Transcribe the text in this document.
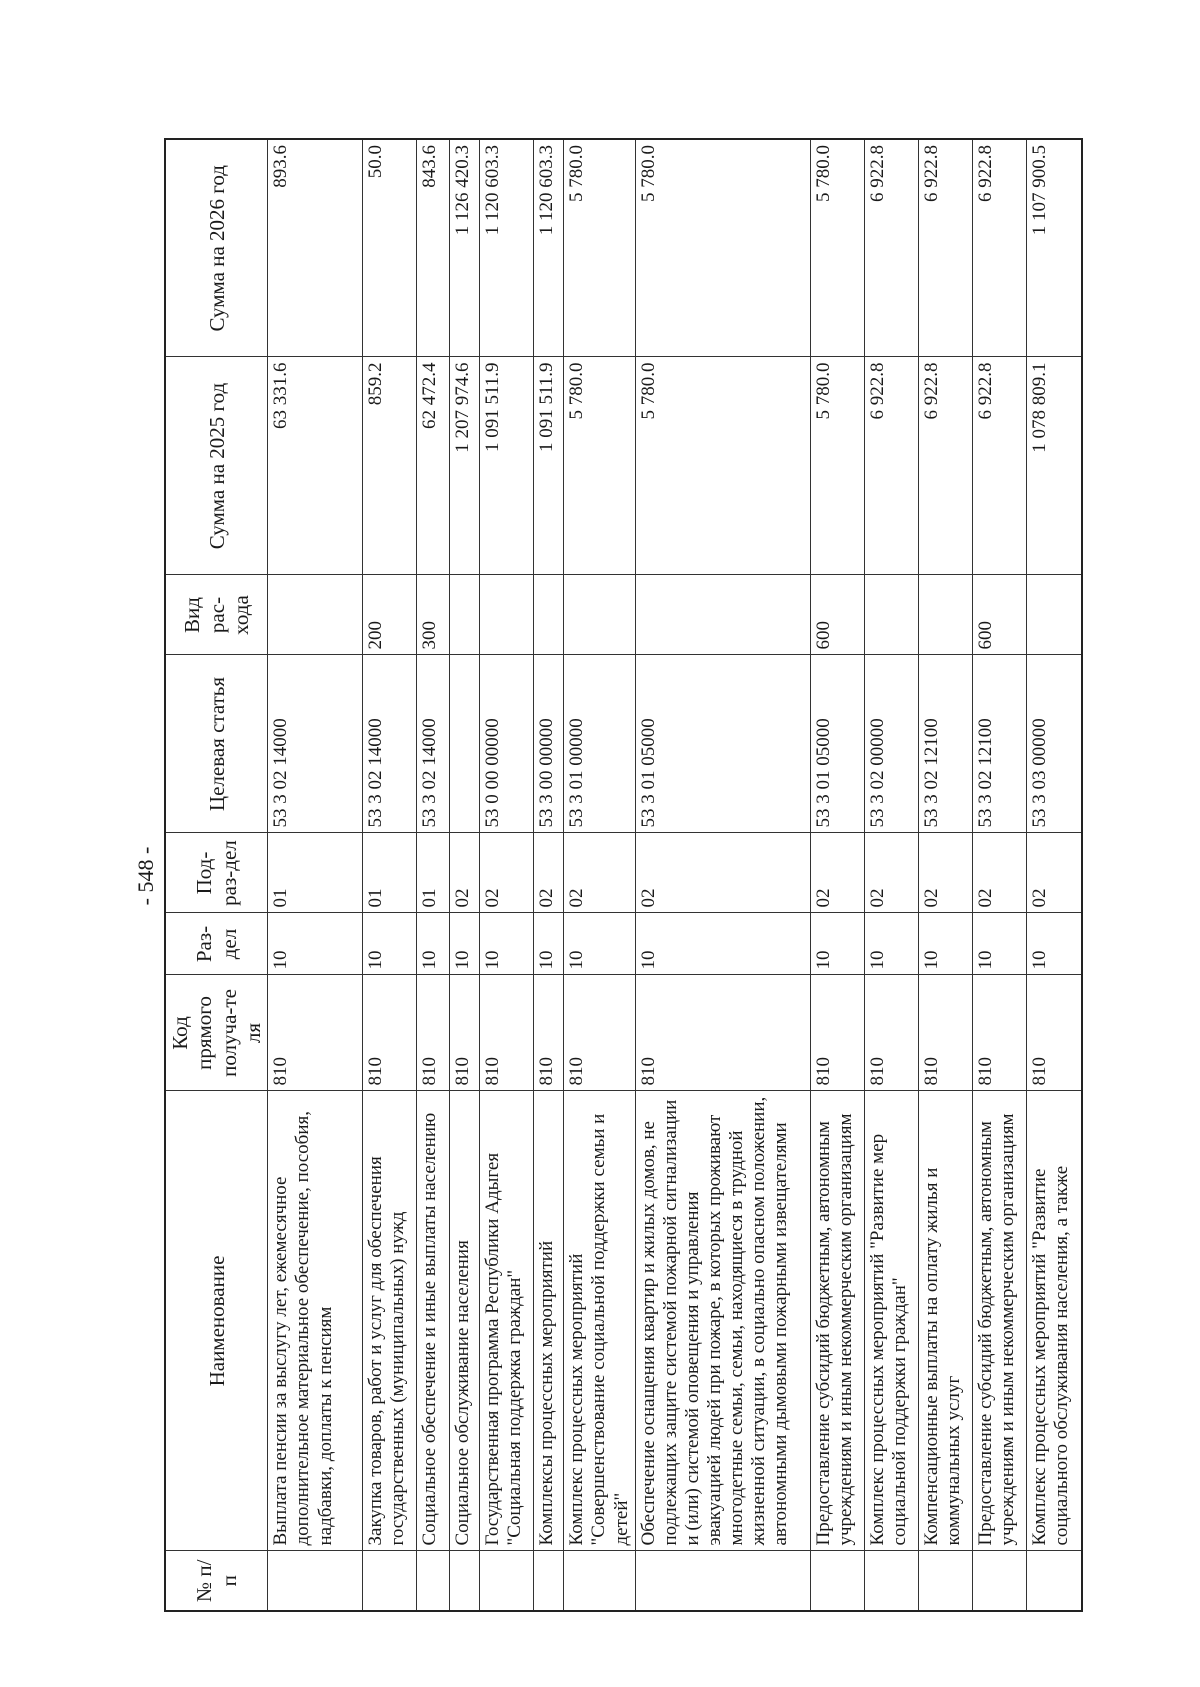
- 548 -
№ п/п	Наименование	Код прямого получа-те ля	Раз-дел	Под-раз-дел	Целевая статья	Вид рас-хода	Сумма на 2025 год	Сумма на 2026 год
	Выплата пенсии за выслугу лет, ежемесячное дополнительное материальное обеспечение, пособия, надбавки, доплаты к пенсиям	810	10	01	53 3 02 14000		63 331.6	893.6
	Закупка товаров, работ и услуг для обеспечения государственных (муниципальных) нужд	810	10	01	53 3 02 14000	200	859.2	50.0
	Социальное обеспечение и иные выплаты населению	810	10	01	53 3 02 14000	300	62 472.4	843.6
	Социальное обслуживание населения	810	10	02			1 207 974.6	1 126 420.3
	Государственная программа Республики Адыгея "Социальная поддержка граждан"	810	10	02	53 0 00 00000		1 091 511.9	1 120 603.3
	Комплексы процессных мероприятий	810	10	02	53 3 00 00000		1 091 511.9	1 120 603.3
	Комплекс процессных мероприятий "Совершенствование социальной поддержки семьи и детей"	810	10	02	53 3 01 00000		5 780.0	5 780.0
	Обеспечение оснащения квартир и жилых домов, не подлежащих защите системой пожарной сигнализации и (или) системой оповещения и управления эвакуацией людей при пожаре, в которых проживают многодетные семьи, семьи, находящиеся в трудной жизненной ситуации, в социально опасном положении, автономными дымовыми пожарными извещателями	810	10	02	53 3 01 05000		5 780.0	5 780.0
	Предоставление субсидий бюджетным, автономным учреждениям и иным некоммерческим организациям	810	10	02	53 3 01 05000	600	5 780.0	5 780.0
	Комплекс процессных мероприятий "Развитие мер социальной поддержки граждан"	810	10	02	53 3 02 00000		6 922.8	6 922.8
	Компенсационные выплаты на оплату жилья и коммунальных услуг	810	10	02	53 3 02 12100		6 922.8	6 922.8
	Предоставление субсидий бюджетным, автономным учреждениям и иным некоммерческим организациям	810	10	02	53 3 02 12100	600	6 922.8	6 922.8
	Комплекс процессных мероприятий "Развитие социального обслуживания населения, а также	810	10	02	53 3 03 00000		1 078 809.1	1 107 900.5
